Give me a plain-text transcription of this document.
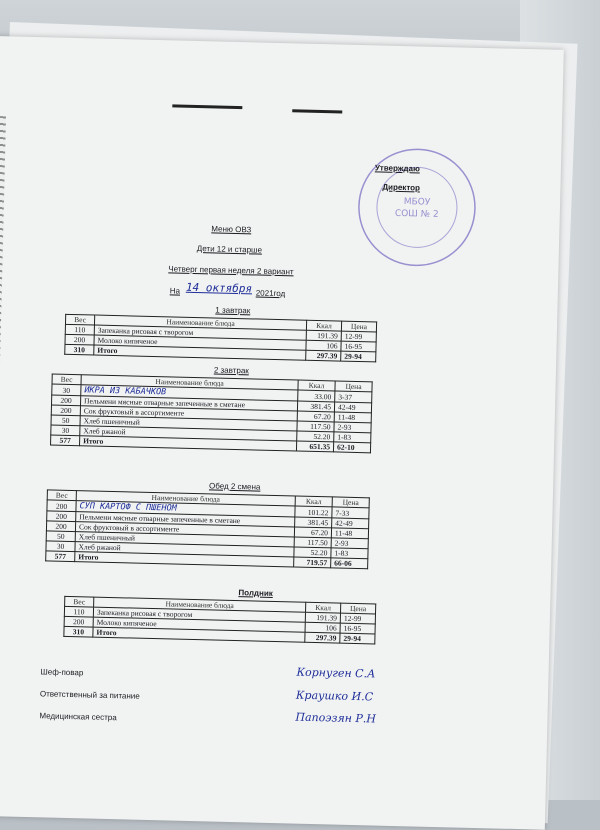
МБОУ
СОШ № 2
Утверждаю
Директор
Меню ОВЗ
Дети 12 и старше
Четверг первая неделя 2 вариант
На 14 октября 2021год
1 завтрак
Вес	Наименование блюда	Ккал	Цена
110	Запеканка рисовая с творогом	191.39	12-99
200	Молоко кипяченое	106	16-95
310	Итого	297.39	29-94
2 завтрак
Вес	Наименование блюда	Ккал	Цена
30	ИКРА ИЗ КАБАЧКОВ	33.00	3-37
200	Пельмени мясные отварные запеченные в сметане	381.45	42-49
200	Сок фруктовый в ассортименте	67.20	11-48
50	Хлеб пшеничный	117.50	2-93
30	Хлеб ржаной	52.20	1-83
577	Итого	651.35	62-10
Обед 2 смена
Вес	Наименование блюда	Ккал	Цена
200	СУП КАРТОФ С ПШЕНОМ	101.22	7-33
200	Пельмени мясные отварные запеченные в сметане	381.45	42-49
200	Сок фруктовый в ассортименте	67.20	11-48
50	Хлеб пшеничный	117.50	2-93
30	Хлеб ржаной	52.20	1-83
577	Итого	719.57	66-06
Полдник
Вес	Наименование блюда	Ккал	Цена
110	Запеканка рисовая с творогом	191.39	12-99
200	Молоко кипяченое	106	16-95
310	Итого	297.39	29-94
Шеф-повар	Корнуген С.А
Ответственный за питание	Краушко И.С
Медицинская сестра	Папоэзян Р.Н
